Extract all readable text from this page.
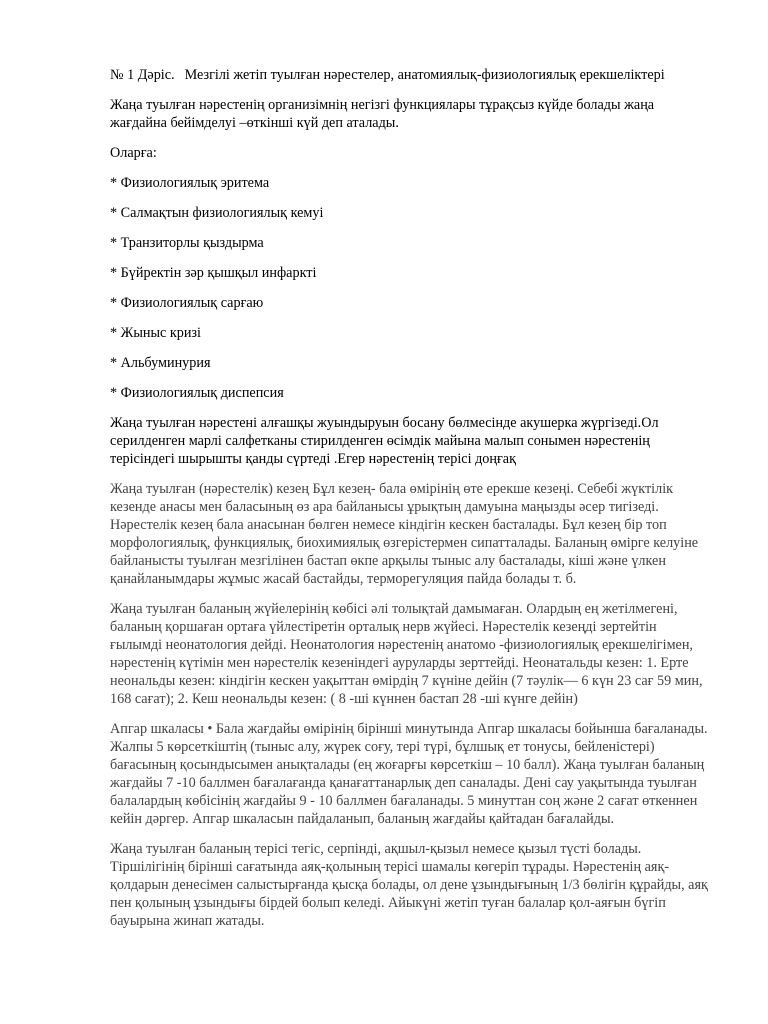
№ 1 Дәріс. Мезгілі жетіп туылған нәрестелер, анатомиялық-физиологиялық ерекшеліктері

Жаңа туылған нәрестенің организімнің негізгі функциялары тұрақсыз күйде болады жаңа жағдайна бейімделуі –өткінші күй деп аталады.

Оларға:

* Физиологиялық эритема
* Салмақтын физиологиялық кемуі
* Транзиторлы қыздырма
* Бүйректін зәр қышқыл инфаркті
* Физиологиялық сарғаю
* Жыныс кризі
* Альбуминурия
* Физиологиялық диспепсия

Жаңа туылған нәрестені алғашқы жуындыруын босану бөлмесінде акушерка жүргізеді.Ол серилденген марлі салфетканы стирилденген өсімдік майына малып сонымен нәрестенің терісіндегі шырышты қанды сүртеді .Егер нәрестенің терісі доңғақ

Жаңа туылған (нәрестелік) кезең Бұл кезең- бала өмірінің өте ерекше кезеңі. Себебі жүктілік кезенде анасы мен баласының өз ара байланысы ұрықтың дамуына маңызды әсер тигізеді. Нәрестелік кезең бала анасынан бөлген немесе кіндігін кескен басталады. Бұл кезең бір топ морфологиялық, функциялық, биохимиялық өзгерістермен сипатталады. Баланың өмірге келуіне байланысты туылған мезгілінен бастап өкпе арқылы тыныс алу басталады, кіші және үлкен қанайланымдары жұмыс жасай бастайды, терморегуляция пайда болады т. б.

Жаңа туылған баланың жүйелерінің көбісі әлі толықтай дамымаған. Олардың ең жетілмегені, баланың қоршаған ортаға үйлестіретін орталық нерв жүйесі. Нәрестелік кезеңді зертейтін ғылымді неонатология дейді. Неонатология нәрестенің анатомо -физиологиялық ерекшелігімен, нәрестенің күтімін мен нәрестелік кезеніндегі ауруларды зерттейді. Неонатальды кезен: 1. Ерте неональды кезен: кіндігін кескен уақыттан өмірдің 7 күніне дейін (7 тәулік— 6 күн 23 сағ 59 мин, 168 сағат); 2. Кеш неональды кезен: ( 8 -ші күннен бастап 28 -ші күнге дейін)

Апгар шкаласы • Бала жағдайы өмірінің бірінші минутында Апгар шкаласы бойынша бағаланады. Жалпы 5 көрсеткіштің (тыныс алу, жүрек соғу, тері түрі, бұлшық ет тонусы, бейленістері) бағасының қосындысымен анықталады (ең жоғарғы көрсеткіш – 10 балл). Жаңа туылған баланың жағдайы 7 -10 баллмен бағалағанда қанағаттанарлық деп саналады. Дені сау уақытында туылған балалардың көбісінің жағдайы 9 - 10 баллмен бағаланады. 5 минуттан соң және 2 сағат өткеннен кейін дәргер. Апгар шкаласын пайдаланып, баланың жағдайы қайтадан бағалайды.

Жаңа туылған баланың терісі тегіс, серпінді, ақшыл-қызыл немесе қызыл түсті болады. Тіршілігінің бірінші сағатында аяқ-қолының терісі шамалы көгеріп тұрады. Нәрестенің аяқ-қолдарын денесімен салыстырғанда қысқа болады, ол дене ұзындығының 1/3 бөлігін құрайды, аяқ пен қолының ұзындығы бірдей болып келеді. Айыкүні жетіп туған балалар қол-аяғын бүгіп бауырына жинап жатады.
